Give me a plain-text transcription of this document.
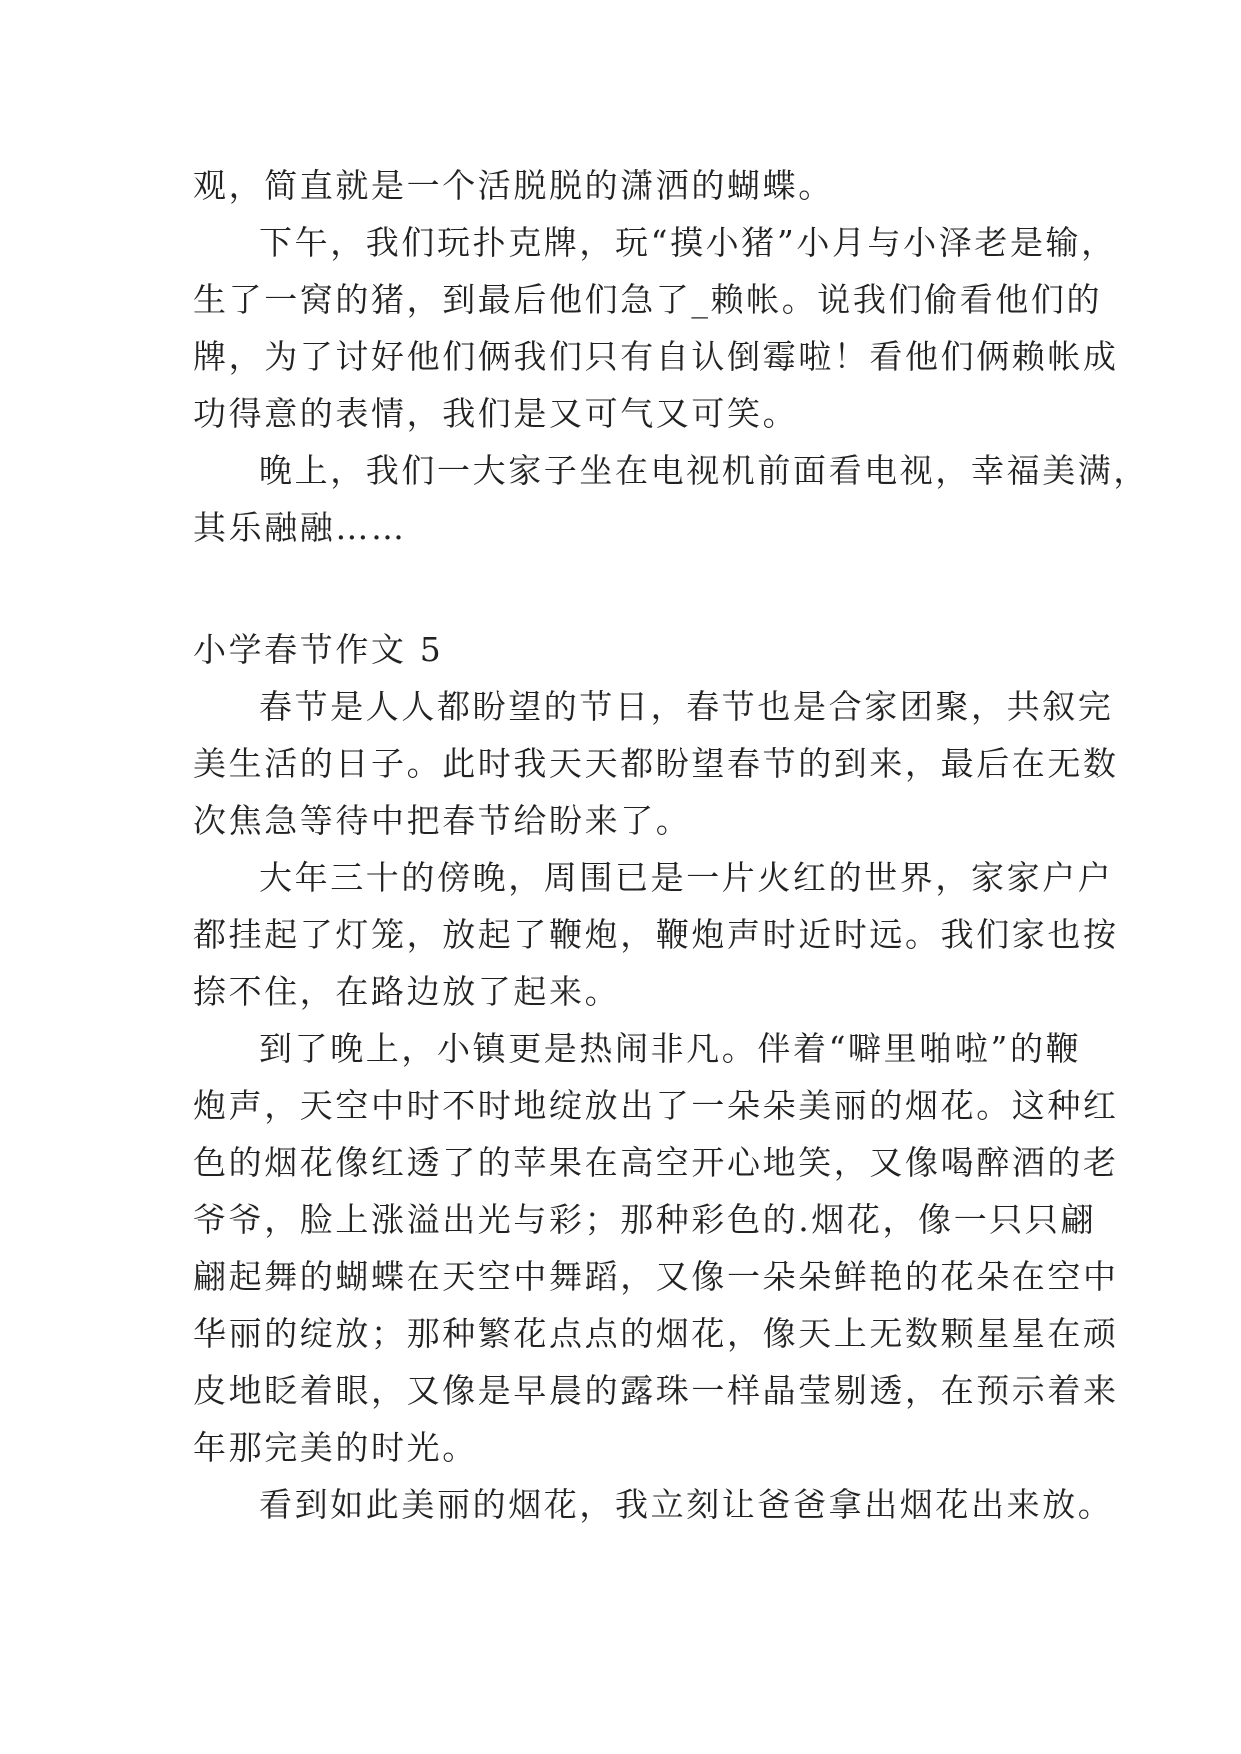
观，简直就是一个活脱脱的潇洒的蝴蝶。
下午，我们玩扑克牌，玩“摸小猪”小月与小泽老是输，
生了一窝的猪，到最后他们急了_赖帐。说我们偷看他们的
牌，为了讨好他们俩我们只有自认倒霉啦！看他们俩赖帐成
功得意的表情，我们是又可气又可笑。
晚上，我们一大家子坐在电视机前面看电视，幸福美满，
其乐融融……
小学春节作文 5
春节是人人都盼望的节日，春节也是合家团聚，共叙完
美生活的日子。此时我天天都盼望春节的到来，最后在无数
次焦急等待中把春节给盼来了。
大年三十的傍晚，周围已是一片火红的世界，家家户户
都挂起了灯笼，放起了鞭炮，鞭炮声时近时远。我们家也按
捺不住，在路边放了起来。
到了晚上，小镇更是热闹非凡。伴着“噼里啪啦”的鞭
炮声，天空中时不时地绽放出了一朵朵美丽的烟花。这种红
色的烟花像红透了的苹果在高空开心地笑，又像喝醉酒的老
爷爷，脸上涨溢出光与彩；那种彩色的.烟花，像一只只翩
翩起舞的蝴蝶在天空中舞蹈，又像一朵朵鲜艳的花朵在空中
华丽的绽放；那种繁花点点的烟花，像天上无数颗星星在顽
皮地眨着眼，又像是早晨的露珠一样晶莹剔透，在预示着来
年那完美的时光。
看到如此美丽的烟花，我立刻让爸爸拿出烟花出来放。
